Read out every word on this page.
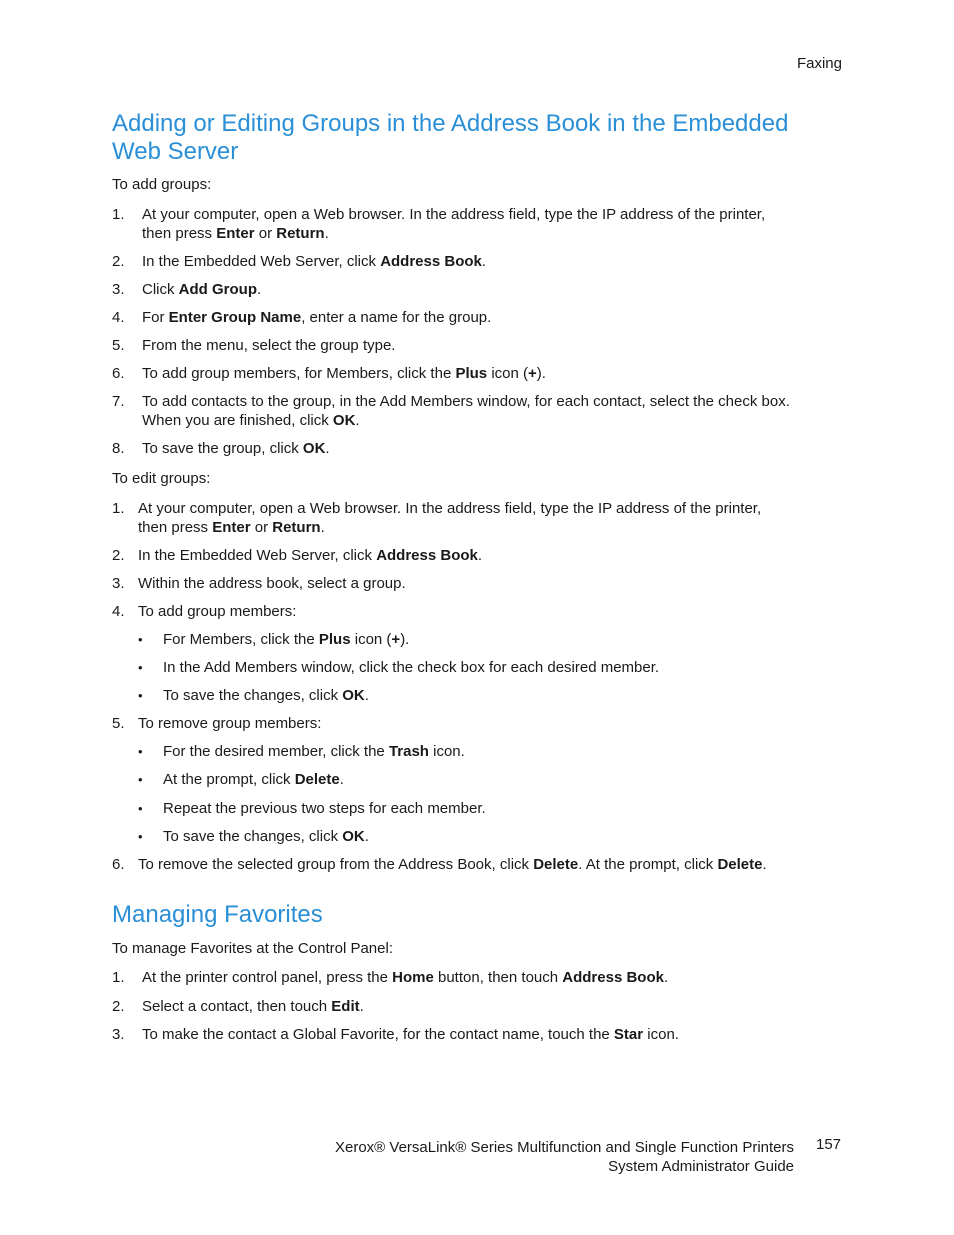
Faxing
Adding or Editing Groups in the Address Book in the Embedded Web Server
To add groups:
1. At your computer, open a Web browser. In the address field, type the IP address of the printer,
then press Enter or Return.
2. In the Embedded Web Server, click Address Book.
3. Click Add Group.
4. For Enter Group Name, enter a name for the group.
5. From the menu, select the group type.
6. To add group members, for Members, click the Plus icon (+).
7. To add contacts to the group, in the Add Members window, for each contact, select the check box.
When you are finished, click OK.
8. To save the group, click OK.
To edit groups:
1. At your computer, open a Web browser. In the address field, type the IP address of the printer,
then press Enter or Return.
2. In the Embedded Web Server, click Address Book.
3. Within the address book, select a group.
4. To add group members:
• For Members, click the Plus icon (+).
• In the Add Members window, click the check box for each desired member.
• To save the changes, click OK.
5. To remove group members:
• For the desired member, click the Trash icon.
• At the prompt, click Delete.
• Repeat the previous two steps for each member.
• To save the changes, click OK.
6. To remove the selected group from the Address Book, click Delete. At the prompt, click Delete.
Managing Favorites
To manage Favorites at the Control Panel:
1. At the printer control panel, press the Home button, then touch Address Book.
2. Select a contact, then touch Edit.
3. To make the contact a Global Favorite, for the contact name, touch the Star icon.
Xerox® VersaLink® Series Multifunction and Single Function Printers
System Administrator Guide
157
